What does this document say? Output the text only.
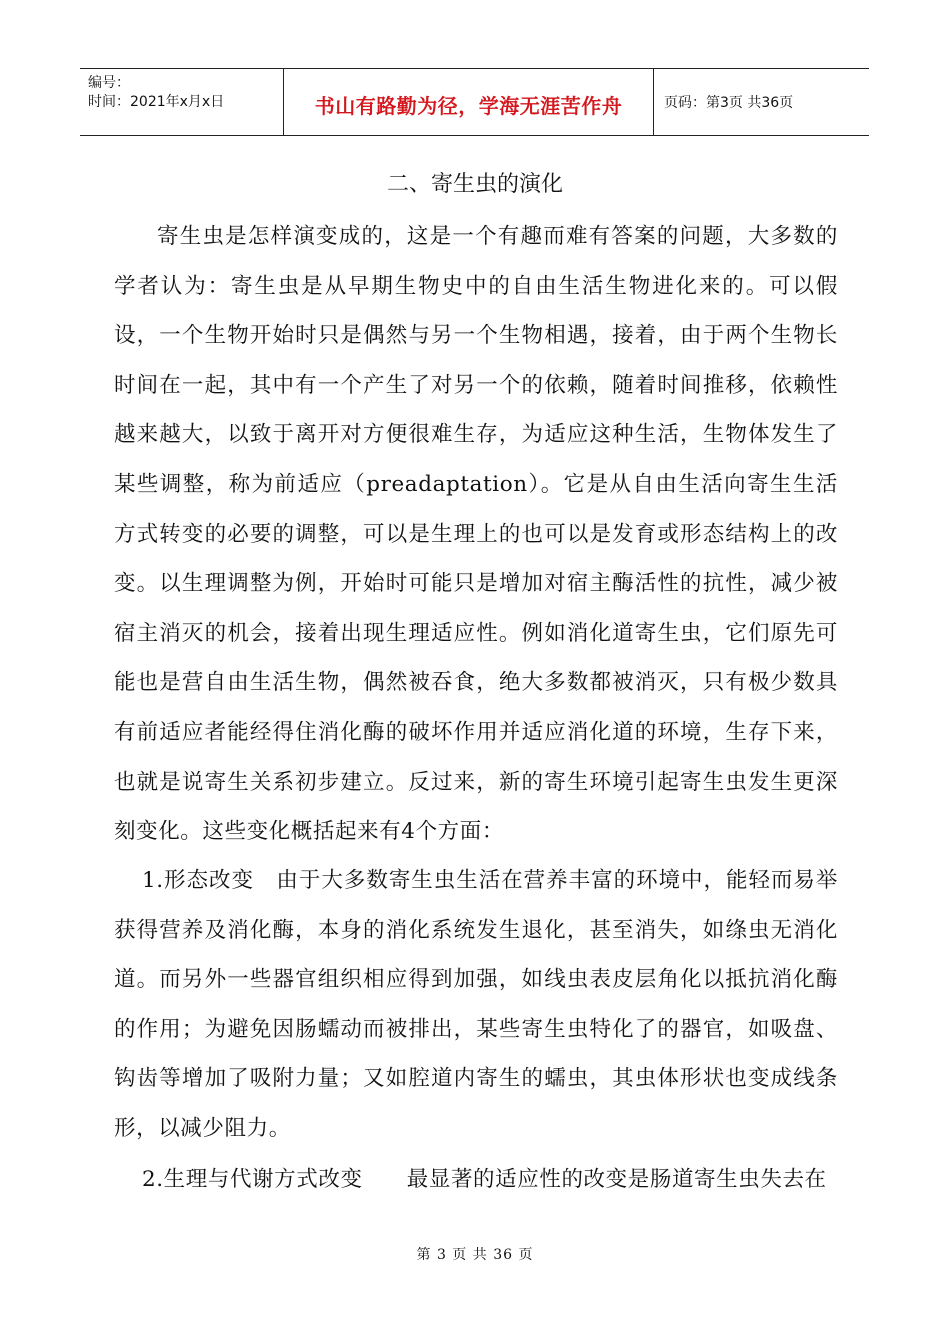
编号：
时间：2021年x月x日	书山有路勤为径，学海无涯苦作舟	页码：第3页 共36页
二、寄生虫的演化

寄生虫是怎样演变成的，这是一个有趣而难有答案的问题，大多数的学者认为：寄生虫是从早期生物史中的自由生活生物进化来的。可以假设，一个生物开始时只是偶然与另一个生物相遇，接着，由于两个生物长时间在一起，其中有一个产生了对另一个的依赖，随着时间推移，依赖性越来越大，以致于离开对方便很难生存，为适应这种生活，生物体发生了某些调整，称为前适应（preadaptation）。它是从自由生活向寄生生活方式转变的必要的调整，可以是生理上的也可以是发育或形态结构上的改变。以生理调整为例，开始时可能只是增加对宿主酶活性的抗性，减少被宿主消灭的机会，接着出现生理适应性。例如消化道寄生虫，它们原先可能也是营自由生活生物，偶然被吞食，绝大多数都被消灭，只有极少数具有前适应者能经得住消化酶的破坏作用并适应消化道的环境，生存下来，也就是说寄生关系初步建立。反过来，新的寄生环境引起寄生虫发生更深刻变化。这些变化概括起来有4个方面：

1.形态改变　由于大多数寄生虫生活在营养丰富的环境中，能轻而易举获得营养及消化酶，本身的消化系统发生退化，甚至消失，如绦虫无消化道。而另外一些器官组织相应得到加强，如线虫表皮层角化以抵抗消化酶的作用；为避免因肠蠕动而被排出，某些寄生虫特化了的器官，如吸盘、钩齿等增加了吸附力量；又如腔道内寄生的蠕虫，其虫体形状也变成线条形，以减少阻力。

2.生理与代谢方式改变　　最显著的适应性的改变是肠道寄生虫失去在

第 3 页 共 36 页
